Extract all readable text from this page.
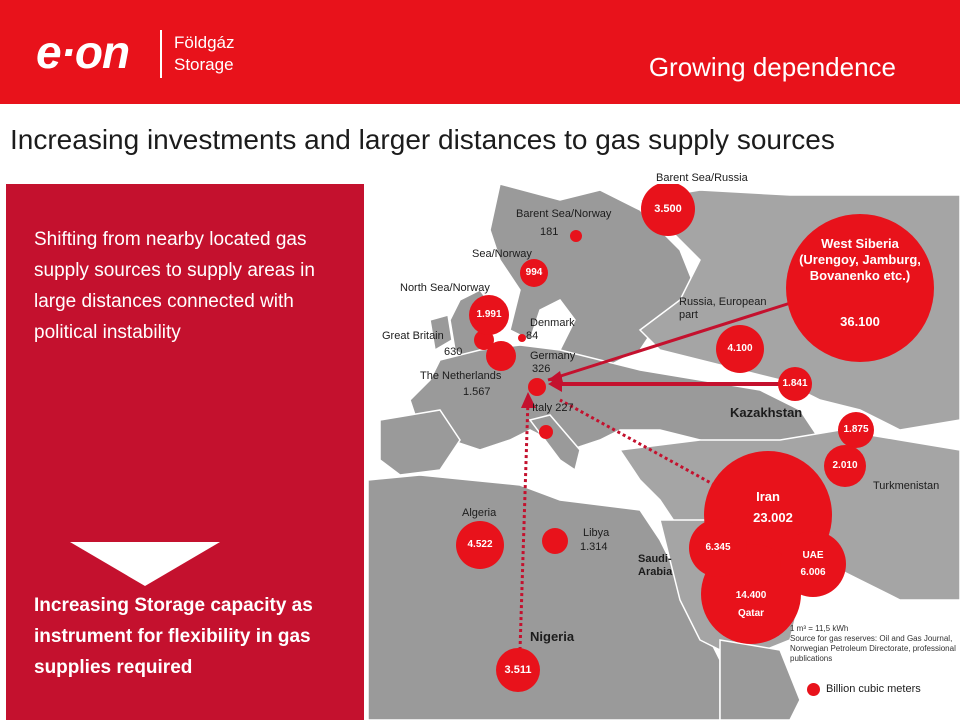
e·on	Földgáz
Storage	Growing dependence
Increasing investments and larger distances to gas supply sources
Shifting from nearby located gas supply sources to supply areas in large distances connected with political instability
Increasing Storage capacity as instrument for flexibility in gas supplies required
Barent Sea/Russia
Barent Sea/Norway
181
Sea/Norway
North Sea/Norway
Denmark
84
Great Britain
630	Germany
326
The Netherlands
1.567
Italy 227
Russia, European part
Kazakhstan
Turkmenistan
Algeria
Libya
1.314
Saudi-Arabia
Nigeria
3.500
994
1.991
4.100
1.841
West Siberia (Urengoy, Jamburg, Bovanenko etc.)
36.100
1.875
2.010
Iran
23.002
6.345
UAE
6.006
14.400
Qatar
4.522
3.511
1 m³ = 11,5 kWh
Source for gas reserves: Oil and Gas Journal, Norwegian Petroleum Directorate, professional publications
Billion cubic meters
